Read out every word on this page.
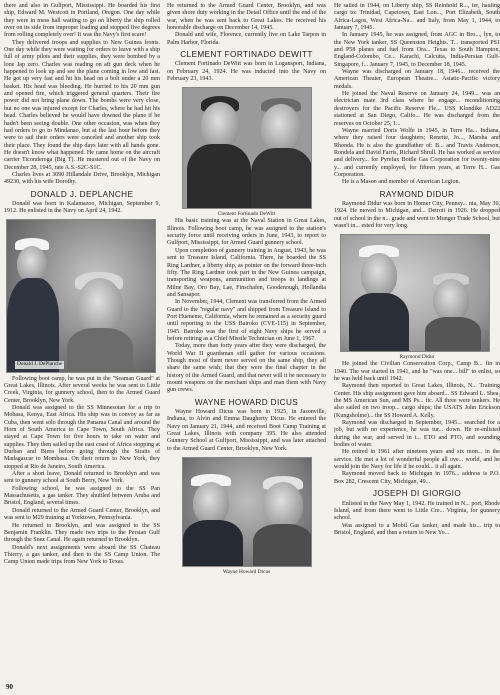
there and also in Gulfport, Mississippi. He boarded his first ship, Edward M. Westcott in Portland, Oregon. One day while they were in mess hall waiting to go on liberty the ship rolled over on its side from improper loading and stopped five degrees from rolling completely over! It was the Navy's first scare!

They delivered troops and supplies to New Guinea fronts. One day while they were waiting for orders to leave with a ship full of army pilots and their supplies, they were bombed by a lone Jap zero. Charles was reading on aft gun deck when he happened to look up and see the plane coming in low and fast. He got up very fast and hit his head on a bolt under a 20 mm basket. His head was bleeding. He hurried to his 20 mm gun and opened fire, which triggered general quarters. Their fire power did not bring plane down. The bombs were very close, but no one was injured except for Charles, where he had hit his head. Charles believed he would have downed the plane if he hadn't been seeing double. One other occasion, was when they had orders to go to Mindanao, but at the last hour before they were to sail their orders were canceled and another ship took their place. They found the ship days later with all hands gone. He doesn't know what happened. He came home on the aircraft carrier Ticonderoga (Big T). He mustered out of the Navy on December 28, 1945, rate A.S.-S2C-S1C.

Charles lives at 3090 Hillandale Drive, Brooklyn, Michigan 49230, with his wife Dorothy.

DONALD J. DEPLANCHE

Donald was born in Kalamazoo, Michigan, September 9, 1912. He enlisted in the Navy on April 24, 1942.

Donald J. DePlanche

Following boot camp, he was put in the "Seaman Guard" at Great Lakes, Illinois. After several weeks he was sent to Little Creek, Virginia, for gunnery school, then to the Armed Guard Center, Brooklyn, New York.

Donald was assigned to the SS Minnesotan for a trip to Mobasa, Kenya, East Africa. His ship was in convoy as far as Cuba, then went solo through the Panama Canal and around the Horn of South America to Cape Town, South Africa. They stayed at Cape Town for five hours to take on water and supplies. They then sailed up the east coast of Africa stopping at Durban and Biera before going through the Straits of Madagascar to Mombasa. On their return to New York, they stopped at Rio de Janeiro, South America.

After a short leave, Donald returned to Brooklyn and was sent to gunnery school at South Berry, New York.

Following school, he was assigned to the SS Pan Massachusetts, a gas tanker. They shuttled between Aruba and Bristol, England, several times.

Donald returned to the Armed Guard Center, Brooklyn, and was sent to M29 training at Yorktown, Pennsylvania.

He returned to Brooklyn, and was assigned to the SS Benjamin Franklin. They made two trips to the Persian Gulf through the Suez Canal. He again returned to Brooklyn.

Donald's next assignments were aboard the SS Chateau Thierry, a gas tanker, and then to the SS Camp Union. The Camp Union made trips from New York to Texas.

He returned to the Armed Guard Center, Brooklyn, and was given shore duty working in the Detail Office until the end of the war, when he was sent back to Great Lakes. He received his honorable discharge on December 14, 1945.

Donald and wife, Florence, currently live on Lake Tarpon in Palm Harbor, Florida.

CLEMENT FORTINADO DEWITT

Clement Fortinado DeWitt was born in Logansport, Indiana, on February 24, 1924. He was inducted into the Navy on February 23, 1943.

Clement Fortinado DeWitt

His basic training was at the Naval Station in Great Lakes, Illinois. Following boot camp, he was assigned to the station's security force until receiving orders in June, 1943, to report to Gulfport, Mississippi, for Armed Guard gunnery school.

Upon completion of gunnery training in August, 1943, he was sent to Treasure Island, California. There, he boarded the SS Ring Lardner, a liberty ship, as pointer on the forward three-inch fifty. The Ring Lardner took part in the New Guinea campaign, transporting weapons, ammunition and troops to landings at Milne Bay, Oro Bay, Lae, Finschafen, Goodenough, Hollandia and Sansapor.

In November, 1944, Clement was transferred from the Armed Guard to the "regular navy" and shipped from Treasure Island to Port Hueneme, California, where he remained as a security guard until reporting to the USS Bairoko (CVE-115) in September, 1945. Bairoko was the first of eight Navy ships he served a before retiring as a Chief Missile Technician on June 1, 1967.

Today, more than forty years after they were discharged, the World War II guardsman still gather for various occasions. Though most of them never served on the same ship, they all share the same wish; that they were the final chapter in the history of the Armed Guard, and that never will it be necessary to mount weapons on the merchant ships and man them with Navy gun crews.

WAYNE HOWARD DICUS

Wayne Howard Dicus was born in 1925, in Jasonville, Indiana, to Alvin and Emma Daugherty Dicus. He entered the Navy on January 21, 1944, and received Boot Camp Training at Great Lakes, Illinois with company 395. He also attended Gunnery School at Gulfport, Mississippi, and was later attached to the Armed Guard Center, Brooklyn, New York.

Wayne Howard Dicus

He sailed in 1944, on Liberty ship, SS Reinhold R..., ter, hauling cargo to: Trinidad, Capetown, East Lon..., Port Elizabeth, South Africa-Lagos, West Africa-Na... and Italy, from May 1, 1944, to January 7, 1945.

In January 1945, he was assigned, from AGC in Bro..., lyn, to the New York tanker, SS Queenston Heights. T... transported PS1 and P58 planes and fuel from Ora... Texas to South Hampton, England-Colombo, Ce... Karachi, Calcutta, India-Persian Gulf-Singapore, f... January 7, 1945, to December 18, 1945.

Wayne was discharged on January 18, 1946... received the American Theater, European Theatre... Asiatic-Pacific victory medals.

He joined the Naval Reserve on January 24, 1949... was an electrician mate 3rd class where he engage... reconditioning destroyers for the Pacific Reserve Fle... USS Klondike AD22 stationed at San Diego, Califo... He was discharged from the reserves on October 25, 1...

Wayne married Doris Wolfe in 1945, in Terre Ha... Indiana, where they raised four daughters; Renette, Jo..., Marsha and Rhonda. He is also the grandfather of: B... and Travis Anderson, Rondela and David Farris, Richard Shrull. He has worked as service and delivery... for Pyrefax Bottle Gas Corporation for twenty-nine y... and currently employed, for fifteen years, at Terre H... Gas Corporation.

He is a Mason and member of American Legion.

RAYMOND DIDUR

Raymond Didur was born in Homer City, Pennsy... nia, May 30, 1924. He moved to Michigan, and... Detroit in 1926. He dropped out of school in the n... grade and went to Munger Trade School, but wasn't in... ested for very long.

Raymond Didur

He joined the Civilian Conservation Corp., Camp B... fin in 1940. The war started in 1941, and he "was one... bill" to enlist, so he was held back until 1942.

Raymond then reported to Great Lakes, Illinois, N... Training Center. His ship assignment gave him aboard... SS Edward L. Shea, the MS American Sun, and MS Ps... fic. All three were tankers. He also sailed on two troop... cargo ships; the USATS John Erickson (Kungsholme)... the SS Howard A. Kelly.

Raymond was discharged in September, 1945... searched for a job, but with no experience, he was tur... down. He re-enlisted during the war, and served in t... ETO and PTO, and sounding bodies of water.

He retired in 1961 after nineteen years and six mon... in the service. He met a lot of wonderful people all ove... world, and he would join the Navy for life if he could... it all again.

Raymond moved back to Michigan in 1976... address is P.O. Box 282, Crescent City, Michigan, 49...

JOSEPH DI GIORGIO

Enlisted in the Navy May 1, 1942. He trained in N... port, Rhode Island, and from there went to Little Cre... Virginia, for gunnery school.

Was assigned to a Mobil Gas tanker, and made his... trip to Bristol, England, and then a return to New Yo...

90
